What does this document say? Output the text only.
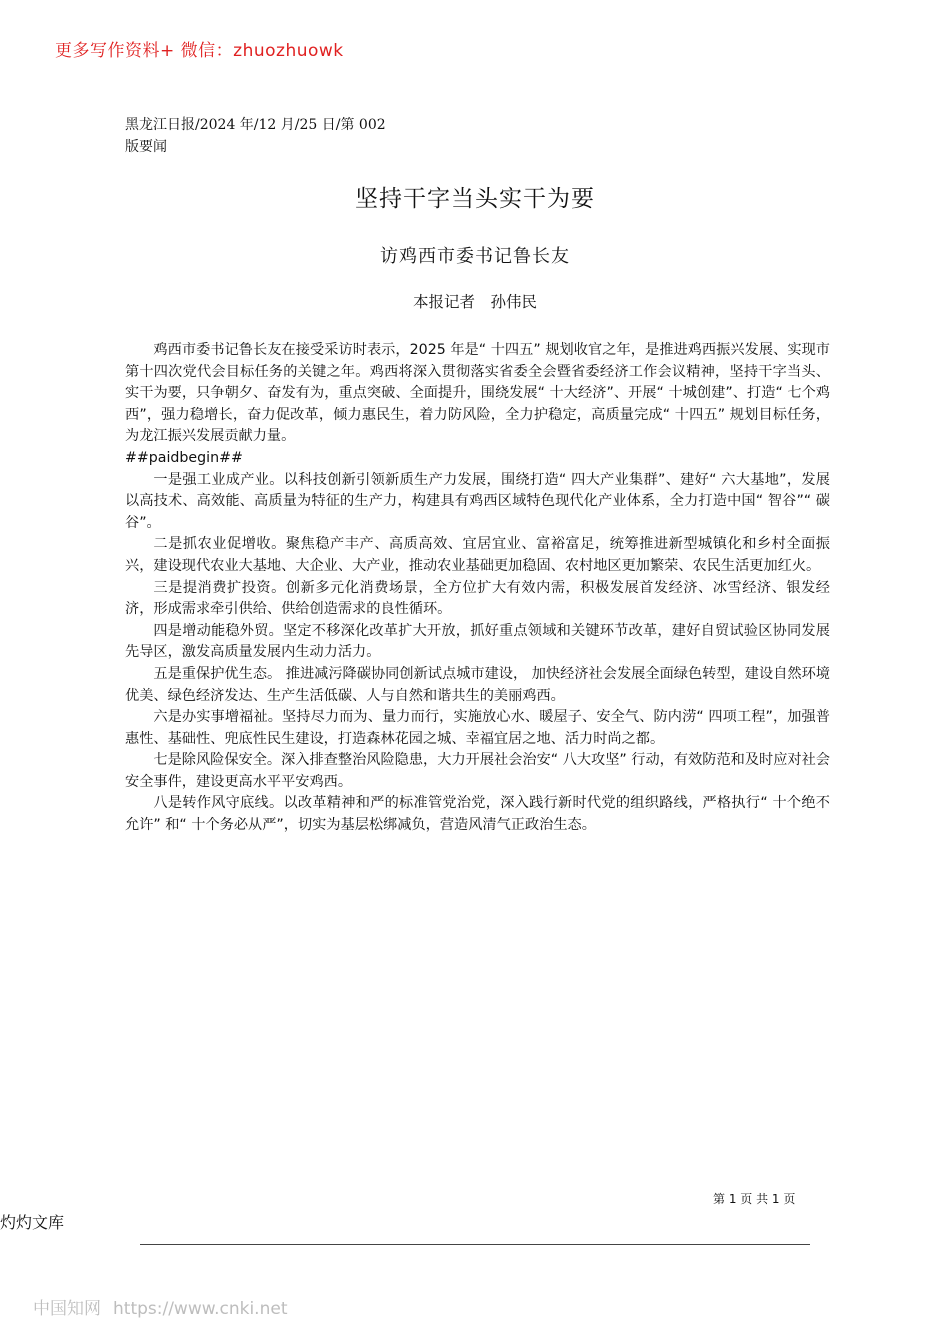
更多写作资料+ 微信：zhuozhuowk
黑龙江日报/2024 年/12 月/25 日/第 002
版要闻
坚持干字当头实干为要
访鸡西市委书记鲁长友
本报记者　孙伟民

鸡西市委书记鲁长友在接受采访时表示，2025 年是“ 十四五” 规划收官之年，是推进鸡西振兴发展、实现市第十四次党代会目标任务的关键之年。鸡西将深入贯彻落实省委全会暨省委经济工作会议精神，坚持干字当头、实干为要，只争朝夕、奋发有为，重点突破、全面提升，围绕发展“ 十大经济”、开展“ 十城创建”、打造“ 七个鸡西”，强力稳增长，奋力促改革，倾力惠民生，着力防风险，全力护稳定，高质量完成“ 十四五” 规划目标任务，为龙江振兴发展贡献力量。

##paidbegin##

一是强工业成产业。以科技创新引领新质生产力发展，围绕打造“ 四大产业集群”、建好“ 六大基地”，发展以高技术、高效能、高质量为特征的生产力，构建具有鸡西区域特色现代化产业体系，全力打造中国“ 智谷”“ 碳谷”。

二是抓农业促增收。聚焦稳产丰产、高质高效、宜居宜业、富裕富足，统筹推进新型城镇化和乡村全面振兴，建设现代农业大基地、大企业、大产业，推动农业基础更加稳固、农村地区更加繁荣、农民生活更加红火。

三是提消费扩投资。创新多元化消费场景，全方位扩大有效内需，积极发展首发经济、冰雪经济、银发经济，形成需求牵引供给、供给创造需求的良性循环。

四是增动能稳外贸。坚定不移深化改革扩大开放，抓好重点领域和关键环节改革，建好自贸试验区协同发展先导区，激发高质量发展内生动力活力。

五是重保护优生态。 推进减污降碳协同创新试点城市建设， 加快经济社会发展全面绿色转型，建设自然环境优美、绿色经济发达、生产生活低碳、人与自然和谐共生的美丽鸡西。

六是办实事增福祉。坚持尽力而为、量力而行，实施放心水、暖屋子、安全气、防内涝“ 四项工程”，加强普惠性、基础性、兜底性民生建设，打造森林花园之城、幸福宜居之地、活力时尚之都。

七是除风险保安全。深入排查整治风险隐患，大力开展社会治安“ 八大攻坚” 行动，有效防范和及时应对社会安全事件，建设更高水平平安鸡西。

八是转作风守底线。以改革精神和严的标准管党治党，深入践行新时代党的组织路线，严格执行“ 十个绝不允许” 和“ 十个务必从严”，切实为基层松绑减负，营造风清气正政治生态。

第 1 页 共 1 页
灼灼文库
中国知网 https://www.cnki.net
